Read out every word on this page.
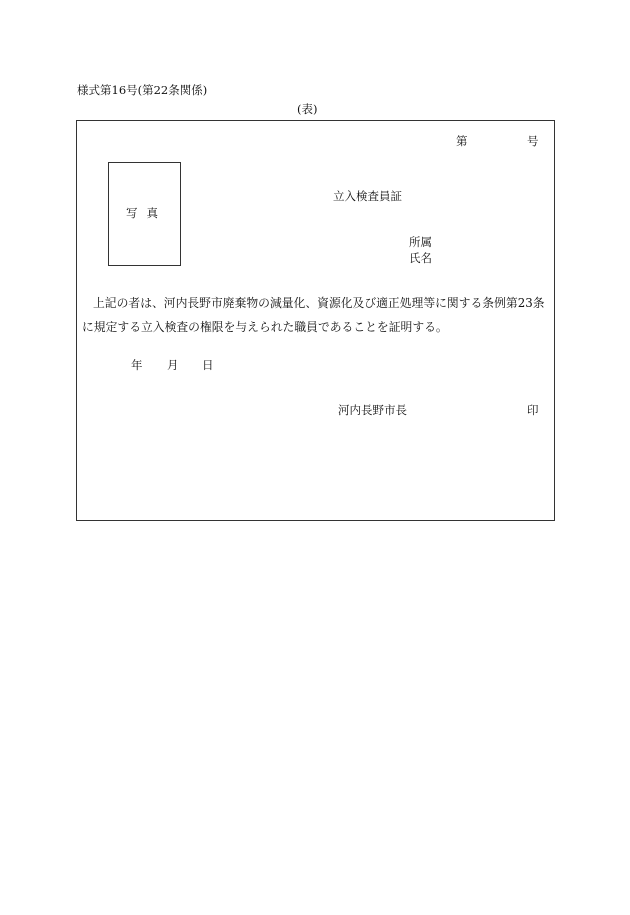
様式第16号(第22条関係)
(表)
第	号
写真
立入検査員証
所属
氏名
上記の者は、河内長野市廃棄物の減量化、資源化及び適正処理等に関する条例第23条
に規定する立入検査の権限を与えられた職員であることを証明する。
年 月 日
河内長野市長	印
